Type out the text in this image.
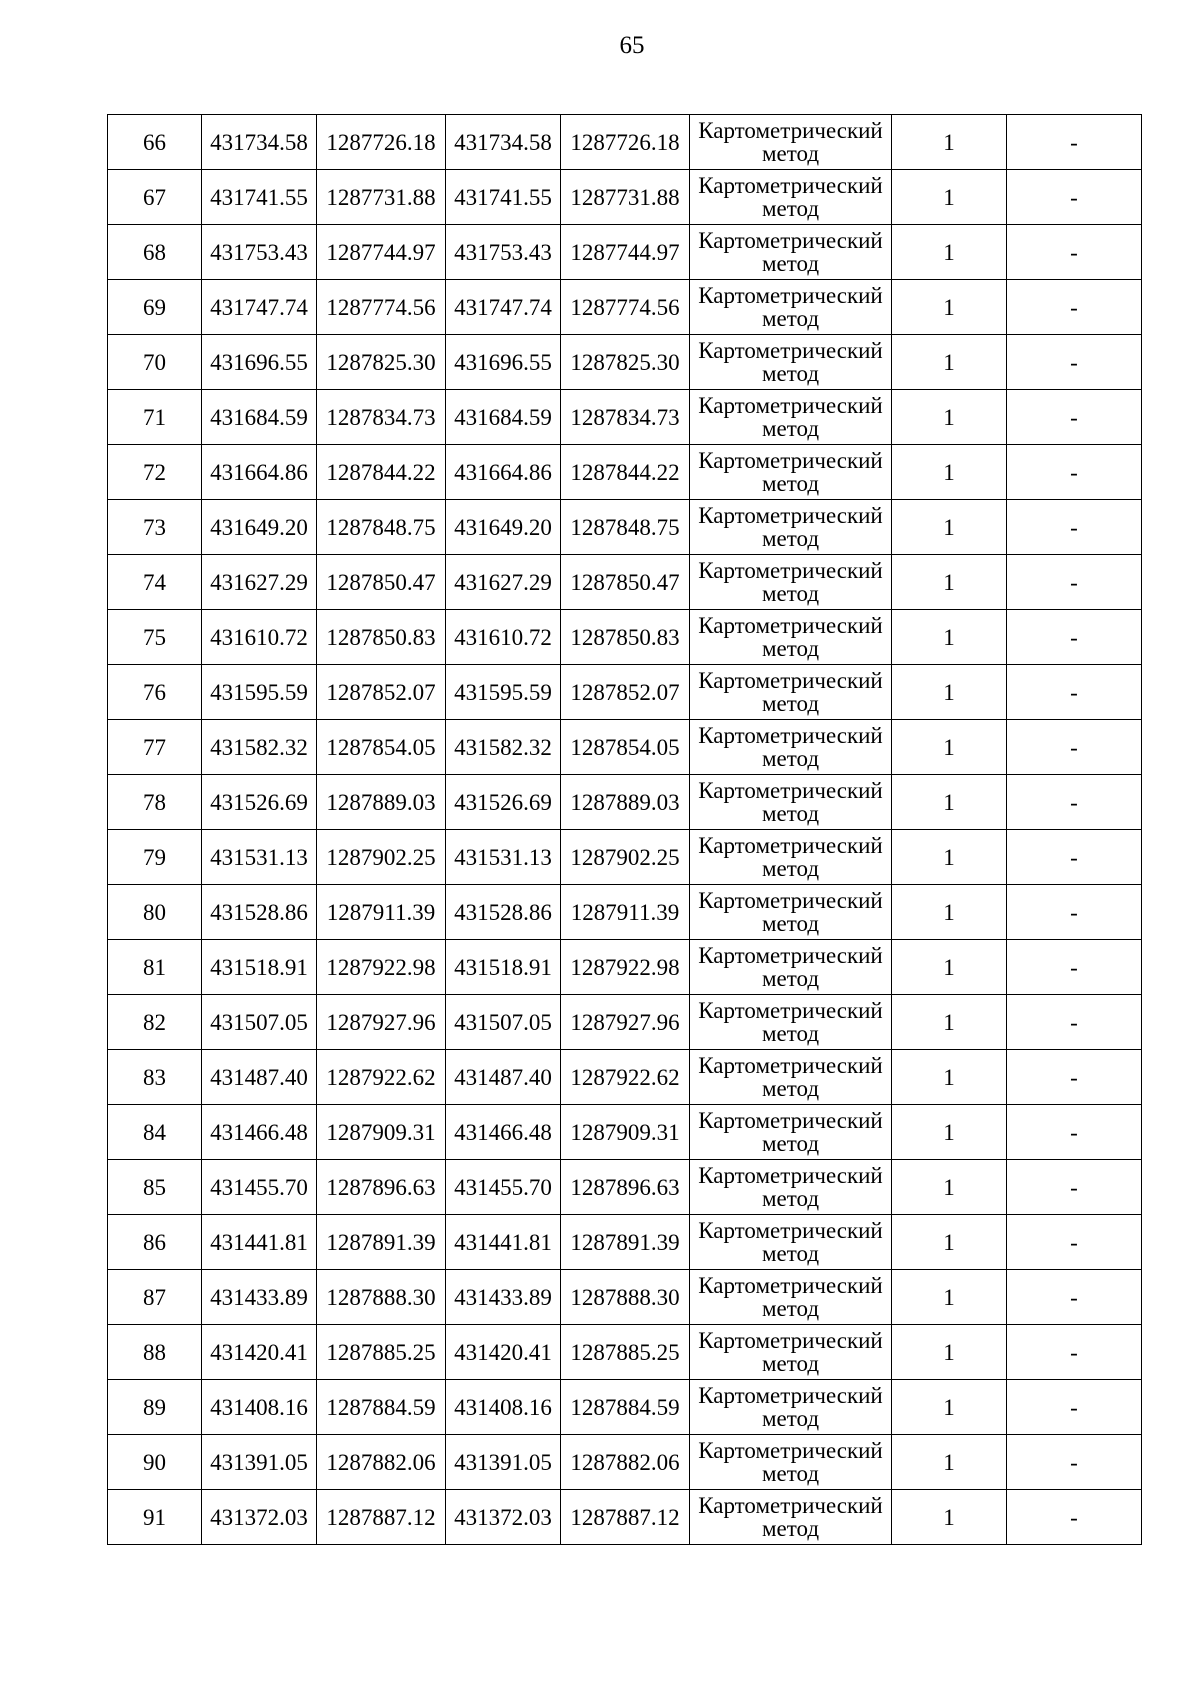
65
66	431734.58	1287726.18	431734.58	1287726.18	Картометрический
метод	1	-
67	431741.55	1287731.88	431741.55	1287731.88	Картометрический
метод	1	-
68	431753.43	1287744.97	431753.43	1287744.97	Картометрический
метод	1	-
69	431747.74	1287774.56	431747.74	1287774.56	Картометрический
метод	1	-
70	431696.55	1287825.30	431696.55	1287825.30	Картометрический
метод	1	-
71	431684.59	1287834.73	431684.59	1287834.73	Картометрический
метод	1	-
72	431664.86	1287844.22	431664.86	1287844.22	Картометрический
метод	1	-
73	431649.20	1287848.75	431649.20	1287848.75	Картометрический
метод	1	-
74	431627.29	1287850.47	431627.29	1287850.47	Картометрический
метод	1	-
75	431610.72	1287850.83	431610.72	1287850.83	Картометрический
метод	1	-
76	431595.59	1287852.07	431595.59	1287852.07	Картометрический
метод	1	-
77	431582.32	1287854.05	431582.32	1287854.05	Картометрический
метод	1	-
78	431526.69	1287889.03	431526.69	1287889.03	Картометрический
метод	1	-
79	431531.13	1287902.25	431531.13	1287902.25	Картометрический
метод	1	-
80	431528.86	1287911.39	431528.86	1287911.39	Картометрический
метод	1	-
81	431518.91	1287922.98	431518.91	1287922.98	Картометрический
метод	1	-
82	431507.05	1287927.96	431507.05	1287927.96	Картометрический
метод	1	-
83	431487.40	1287922.62	431487.40	1287922.62	Картометрический
метод	1	-
84	431466.48	1287909.31	431466.48	1287909.31	Картометрический
метод	1	-
85	431455.70	1287896.63	431455.70	1287896.63	Картометрический
метод	1	-
86	431441.81	1287891.39	431441.81	1287891.39	Картометрический
метод	1	-
87	431433.89	1287888.30	431433.89	1287888.30	Картометрический
метод	1	-
88	431420.41	1287885.25	431420.41	1287885.25	Картометрический
метод	1	-
89	431408.16	1287884.59	431408.16	1287884.59	Картометрический
метод	1	-
90	431391.05	1287882.06	431391.05	1287882.06	Картометрический
метод	1	-
91	431372.03	1287887.12	431372.03	1287887.12	Картометрический
метод	1	-
